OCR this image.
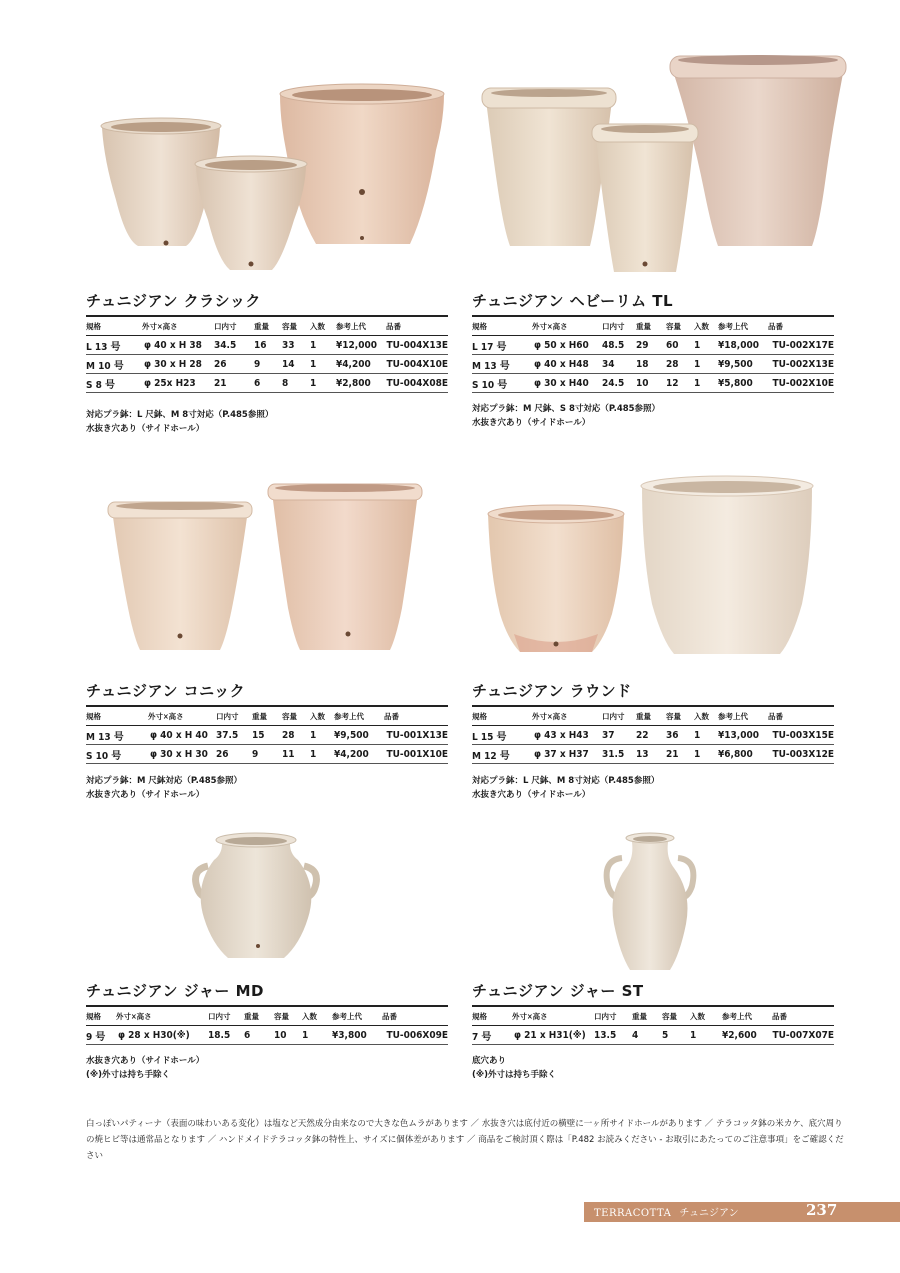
チュニジアン クラシック
規格	外寸×高さ	口内寸	重量	容量	入数	参考上代	品番
L 13 号	φ 40 x H 38	34.5	16	33	1	¥12,000	TU-004X13E
M 10 号	φ 30 x H 28	26	9	14	1	¥4,200	TU-004X10E
S 8 号	φ 25x H23	21	6	8	1	¥2,800	TU-004X08E
対応プラ鉢：L 尺鉢、M 8寸対応（P.485参照）
水抜き穴あり（サイドホール）
チュニジアン ヘビーリム TL
規格	外寸×高さ	口内寸	重量	容量	入数	参考上代	品番
L 17 号	φ 50 x H60	48.5	29	60	1	¥18,000	TU-002X17E
M 13 号	φ 40 x H48	34	18	28	1	¥9,500	TU-002X13E
S 10 号	φ 30 x H40	24.5	10	12	1	¥5,800	TU-002X10E
対応プラ鉢：M 尺鉢、S 8寸対応（P.485参照）
水抜き穴あり（サイドホール）
チュニジアン コニック
規格	外寸×高さ	口内寸	重量	容量	入数	参考上代	品番
M 13 号	φ 40 x H 40	37.5	15	28	1	¥9,500	TU-001X13E
S 10 号	φ 30 x H 30	26	9	11	1	¥4,200	TU-001X10E
対応プラ鉢：M 尺鉢対応（P.485参照）
水抜き穴あり（サイドホール）
チュニジアン ラウンド
規格	外寸×高さ	口内寸	重量	容量	入数	参考上代	品番
L 15 号	φ 43 x H43	37	22	36	1	¥13,000	TU-003X15E
M 12 号	φ 37 x H37	31.5	13	21	1	¥6,800	TU-003X12E
対応プラ鉢：L 尺鉢、M 8寸対応（P.485参照）
水抜き穴あり（サイドホール）
チュニジアン ジャー MD
規格	外寸×高さ	口内寸	重量	容量	入数	参考上代	品番
9 号	φ 28 x H30(※)	18.5	6	10	1	¥3,800	TU-006X09E
水抜き穴あり（サイドホール）
(※)外寸は持ち手除く
チュニジアン ジャー ST
規格	外寸×高さ	口内寸	重量	容量	入数	参考上代	品番
7 号	φ 21 x H31(※)	13.5	4	5	1	¥2,600	TU-007X07E
底穴あり
(※)外寸は持ち手除く
白っぽいパティーナ（表面の味わいある変化）は塩など天然成分由来なので大きな色ムラがあります ／ 水抜き穴は底付近の横壁に一ヶ所サイドホールがあります ／ テラコッタ鉢の米カケ、底穴周りの焼ヒビ等は通常品となります ／ ハンドメイドテラコッタ鉢の特性上、サイズに個体差があります ／ 商品をご検討頂く際は「P.482 お読みください - お取引にあたってのご注意事項」をご確認ください
TERRACOTTA チュニジアン	237
